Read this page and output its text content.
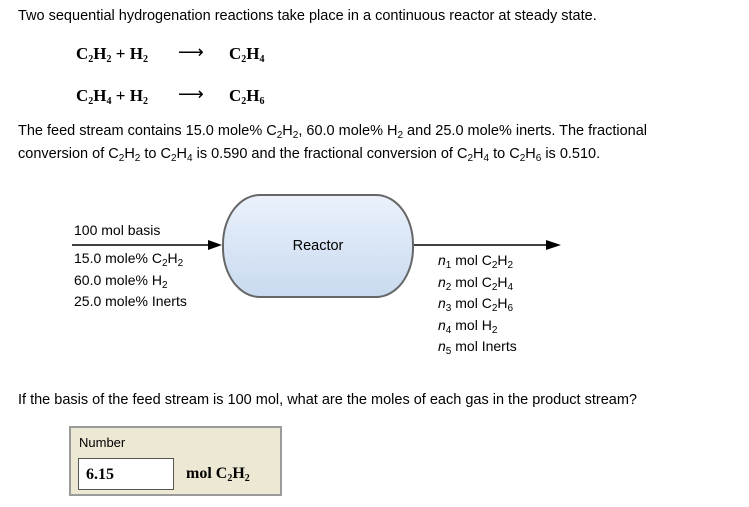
Two sequential hydrogenation reactions take place in a continuous reactor at steady state.
$C_2H_2 + H_2$ ⟶ $C_2H_4$
$C_2H_4 + H_2$ ⟶ $C_2H_6$
The feed stream contains 15.0 mole% $C_2H_2$, 60.0 mole% $H_2$ and 25.0 mole% inerts. The fractional
conversion of $C_2H_2$ to $C_2H_4$ is 0.590 and the fractional conversion of $C_2H_4$ to $C_2H_6$ is 0.510.
100 mol basis
Reactor
15.0 mole% $C_2H_2$
60.0 mole% $H_2$
25.0 mole% Inerts
$n_1$ mol $C_2H_2$
$n_2$ mol $C_2H_4$
$n_3$ mol $C_2H_6$
$n_4$ mol $H_2$
$n_5$ mol Inerts
If the basis of the feed stream is 100 mol, what are the moles of each gas in the product stream?
Number
6.15	mol $C_2H_2$
